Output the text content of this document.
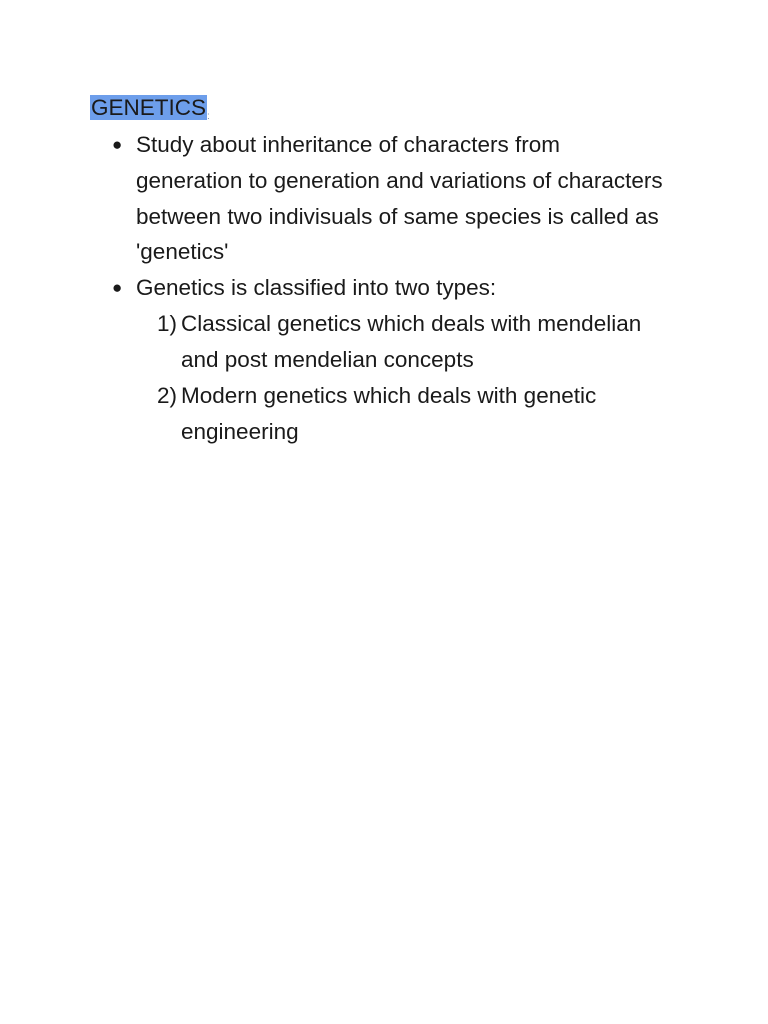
GENETICS:
● Study about inheritance of characters from generation to generation and variations of characters between two indivisuals of same species is called as 'genetics'
● Genetics is classified into two types:
1) Classical genetics which deals with mendelian and post mendelian concepts
2) Modern genetics which deals with genetic engineering
